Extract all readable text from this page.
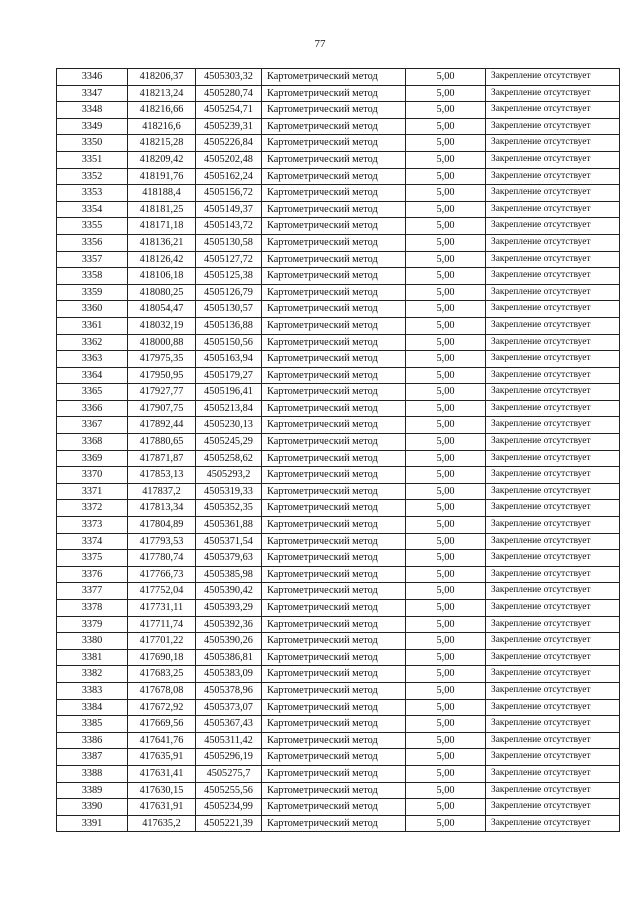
77
3346	418206,37	4505303,32	Картометрический метод	5,00	Закрепление отсутствует
3347	418213,24	4505280,74	Картометрический метод	5,00	Закрепление отсутствует
3348	418216,66	4505254,71	Картометрический метод	5,00	Закрепление отсутствует
3349	418216,6	4505239,31	Картометрический метод	5,00	Закрепление отсутствует
3350	418215,28	4505226,84	Картометрический метод	5,00	Закрепление отсутствует
3351	418209,42	4505202,48	Картометрический метод	5,00	Закрепление отсутствует
3352	418191,76	4505162,24	Картометрический метод	5,00	Закрепление отсутствует
3353	418188,4	4505156,72	Картометрический метод	5,00	Закрепление отсутствует
3354	418181,25	4505149,37	Картометрический метод	5,00	Закрепление отсутствует
3355	418171,18	4505143,72	Картометрический метод	5,00	Закрепление отсутствует
3356	418136,21	4505130,58	Картометрический метод	5,00	Закрепление отсутствует
3357	418126,42	4505127,72	Картометрический метод	5,00	Закрепление отсутствует
3358	418106,18	4505125,38	Картометрический метод	5,00	Закрепление отсутствует
3359	418080,25	4505126,79	Картометрический метод	5,00	Закрепление отсутствует
3360	418054,47	4505130,57	Картометрический метод	5,00	Закрепление отсутствует
3361	418032,19	4505136,88	Картометрический метод	5,00	Закрепление отсутствует
3362	418000,88	4505150,56	Картометрический метод	5,00	Закрепление отсутствует
3363	417975,35	4505163,94	Картометрический метод	5,00	Закрепление отсутствует
3364	417950,95	4505179,27	Картометрический метод	5,00	Закрепление отсутствует
3365	417927,77	4505196,41	Картометрический метод	5,00	Закрепление отсутствует
3366	417907,75	4505213,84	Картометрический метод	5,00	Закрепление отсутствует
3367	417892,44	4505230,13	Картометрический метод	5,00	Закрепление отсутствует
3368	417880,65	4505245,29	Картометрический метод	5,00	Закрепление отсутствует
3369	417871,87	4505258,62	Картометрический метод	5,00	Закрепление отсутствует
3370	417853,13	4505293,2	Картометрический метод	5,00	Закрепление отсутствует
3371	417837,2	4505319,33	Картометрический метод	5,00	Закрепление отсутствует
3372	417813,34	4505352,35	Картометрический метод	5,00	Закрепление отсутствует
3373	417804,89	4505361,88	Картометрический метод	5,00	Закрепление отсутствует
3374	417793,53	4505371,54	Картометрический метод	5,00	Закрепление отсутствует
3375	417780,74	4505379,63	Картометрический метод	5,00	Закрепление отсутствует
3376	417766,73	4505385,98	Картометрический метод	5,00	Закрепление отсутствует
3377	417752,04	4505390,42	Картометрический метод	5,00	Закрепление отсутствует
3378	417731,11	4505393,29	Картометрический метод	5,00	Закрепление отсутствует
3379	417711,74	4505392,36	Картометрический метод	5,00	Закрепление отсутствует
3380	417701,22	4505390,26	Картометрический метод	5,00	Закрепление отсутствует
3381	417690,18	4505386,81	Картометрический метод	5,00	Закрепление отсутствует
3382	417683,25	4505383,09	Картометрический метод	5,00	Закрепление отсутствует
3383	417678,08	4505378,96	Картометрический метод	5,00	Закрепление отсутствует
3384	417672,92	4505373,07	Картометрический метод	5,00	Закрепление отсутствует
3385	417669,56	4505367,43	Картометрический метод	5,00	Закрепление отсутствует
3386	417641,76	4505311,42	Картометрический метод	5,00	Закрепление отсутствует
3387	417635,91	4505296,19	Картометрический метод	5,00	Закрепление отсутствует
3388	417631,41	4505275,7	Картометрический метод	5,00	Закрепление отсутствует
3389	417630,15	4505255,56	Картометрический метод	5,00	Закрепление отсутствует
3390	417631,91	4505234,99	Картометрический метод	5,00	Закрепление отсутствует
3391	417635,2	4505221,39	Картометрический метод	5,00	Закрепление отсутствует
